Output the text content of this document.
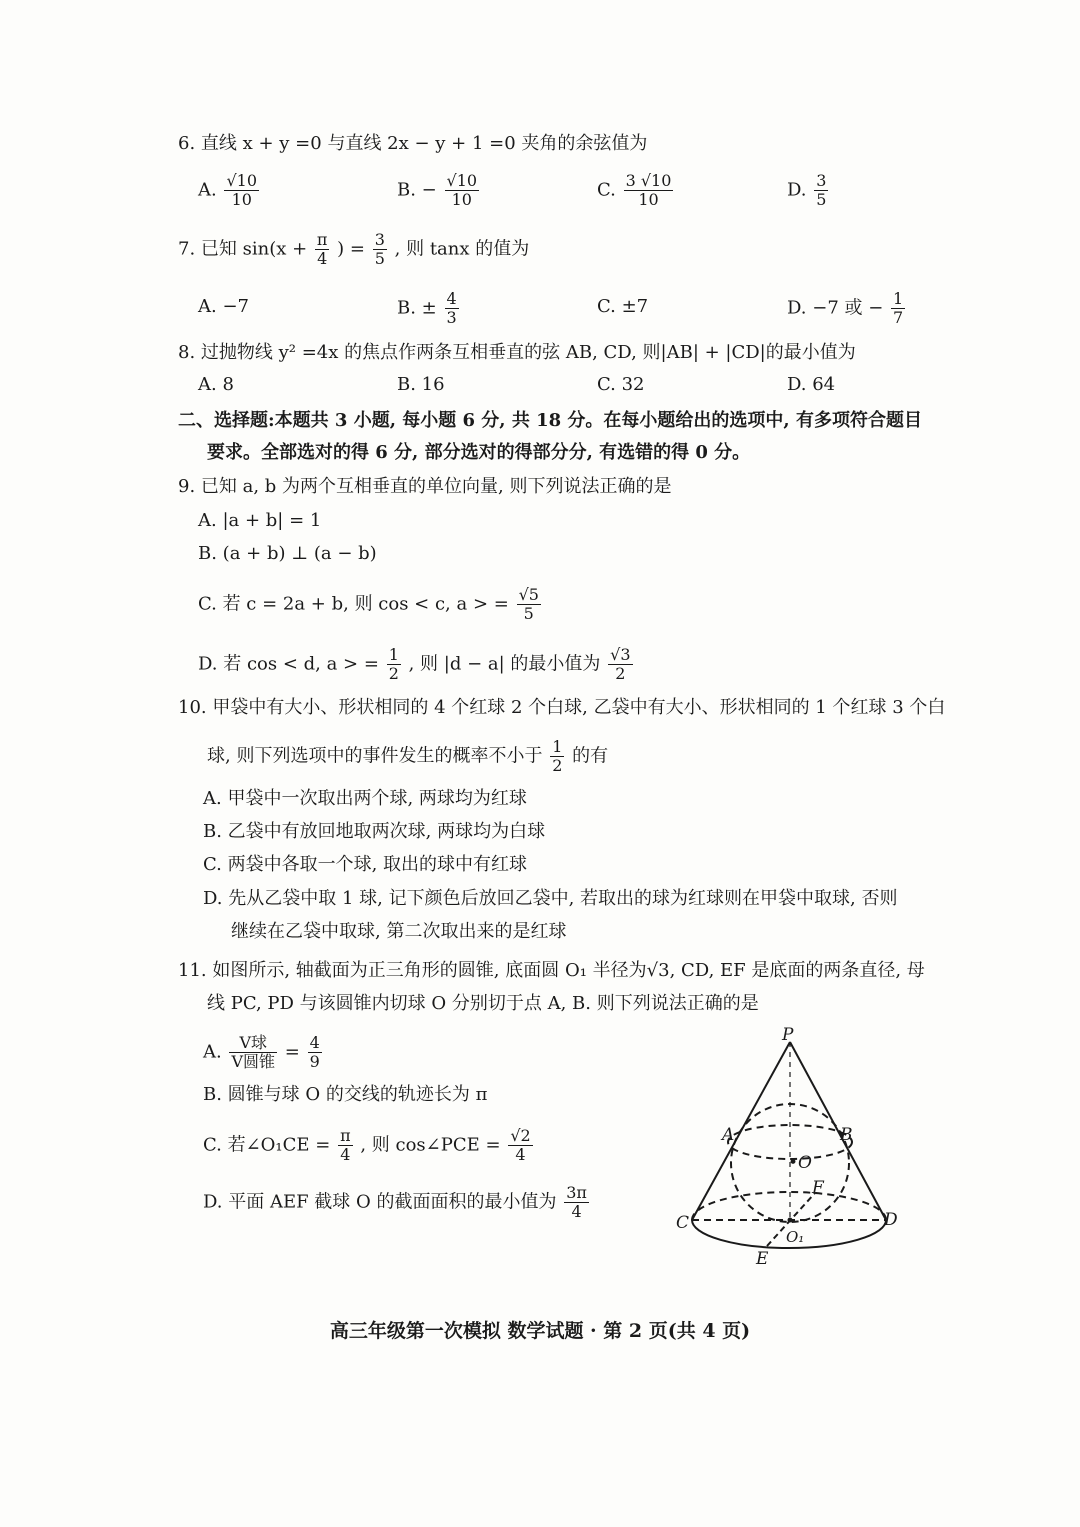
6. 直线 x + y =0 与直线 2x − y + 1 =0 夹角的余弦值为
A. $\frac{√10}{10}$	B. − $\frac{√10}{10}$	C. $\frac{3 √10}{10}$	D. $\frac{3}{5}$
7. 已知 $\sin(x + \frac{\pi}{4}$ ) = $\frac{3}{5}$ , 则 tanx 的值为
A. −7	B. ± $\frac{4}{3}$	C. ±7	D. −7 或 − $\frac{1}{7}$
8. 过抛物线 y² =4x 的焦点作两条互相垂直的弦 AB, CD, 则|AB| + |CD|的最小值为
A. 8	B. 16	C. 32	D. 64
二、选择题:本题共 3 小题, 每小题 6 分, 共 18 分。在每小题给出的选项中, 有多项符合题目
要求。全部选对的得 6 分, 部分选对的得部分分, 有选错的得 0 分。
9. 已知 a, b 为两个互相垂直的单位向量, 则下列说法正确的是
A. |a + b| = 1
B. (a + b) ⊥ (a − b)
C. 若 c = 2a + b, 则 cos < c, a > = $\frac{√5}{5}$
D. 若 cos < d, a > = $\frac{1}{2}$ , 则 |d − a| 的最小值为 $\frac{√3}{2}$
10. 甲袋中有大小、形状相同的 4 个红球 2 个白球, 乙袋中有大小、形状相同的 1 个红球 3 个白
球, 则下列选项中的事件发生的概率不小于 $\frac{1}{2}$ 的有
A. 甲袋中一次取出两个球, 两球均为红球
B. 乙袋中有放回地取两次球, 两球均为白球
C. 两袋中各取一个球, 取出的球中有红球
D. 先从乙袋中取 1 球, 记下颜色后放回乙袋中, 若取出的球为红球则在甲袋中取球, 否则
继续在乙袋中取球, 第二次取出来的是红球
11. 如图所示, 轴截面为正三角形的圆锥, 底面圆 O₁ 半径为√3, CD, EF 是底面的两条直径, 母
线 PC, PD 与该圆锥内切球 O 分别切于点 A, B. 则下列说法正确的是
A. $\frac{\text{V球}}{\text{V圆锥}} = \frac{4}{9}$
B. 圆锥与球 O 的交线的轨迹长为 π
C. 若∠O₁CE = $\frac{\pi}{4}$ , 则 cos∠PCE = $\frac{√2}{4}$
D. 平面 AEF 截球 O 的截面面积的最小值为 $\frac{3\pi}{4}$
P
A	B
•O
F
C	D
O₁
E
高三年级第一次模拟 数学试题 · 第 2 页(共 4 页)
